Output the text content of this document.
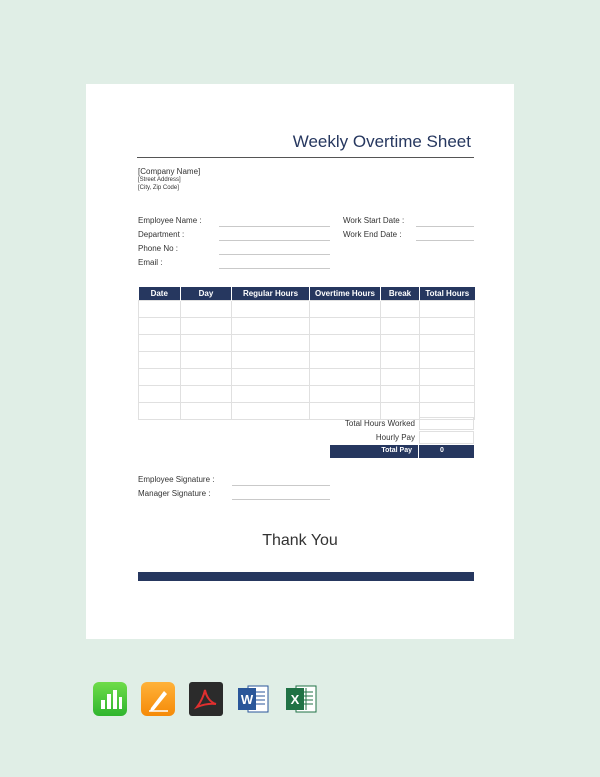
Weekly Overtime Sheet
[Company Name]
[Street Address]
[City, Zip Code]
Employee Name :
Department :
Phone No :
Email :
Work Start Date :
Work End Date :
Date	Day	Regular Hours	Overtime Hours	Break	Total Hours

Total Hours Worked
Hourly Pay
Total Pay	0
Employee Signature :
Manager Signature :
Thank You
W	X
